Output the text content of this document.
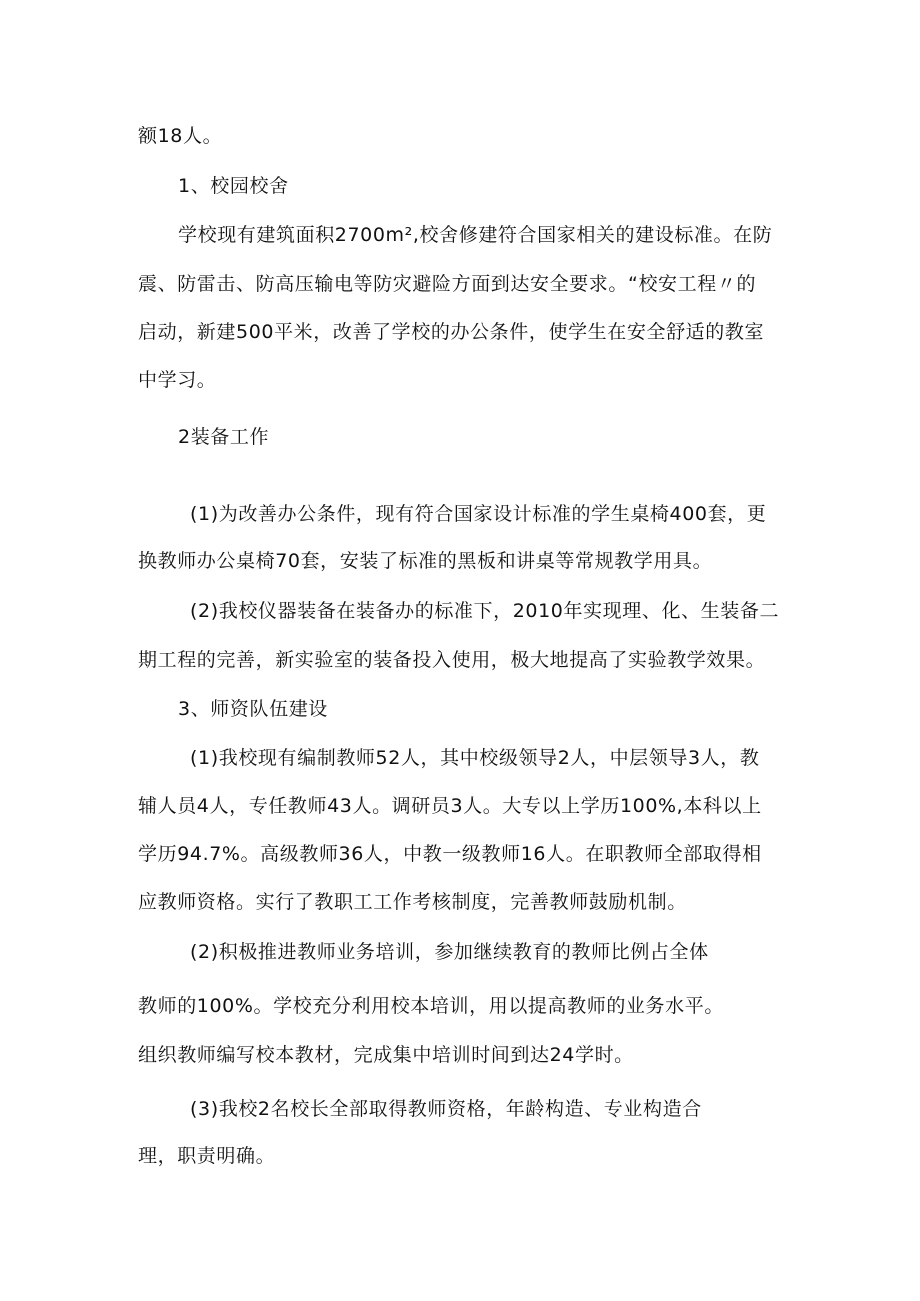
额18人。
1、校园校舍
学校现有建筑面积2700m²,校舍修建符合国家相关的建设标准。在防
震、防雷击、防高压输电等防灾避险方面到达安全要求。“校安工程〃的
启动，新建500平米，改善了学校的办公条件，使学生在安全舒适的教室
中学习。
2装备工作
(1)为改善办公条件，现有符合国家设计标准的学生桌椅400套，更
换教师办公桌椅70套，安装了标准的黑板和讲桌等常规教学用具。
(2)我校仪器装备在装备办的标准下，2010年实现理、化、生装备二
期工程的完善，新实验室的装备投入使用，极大地提高了实验教学效果。
3、师资队伍建设
(1)我校现有编制教师52人，其中校级领导2人，中层领导3人，教
辅人员4人，专任教师43人。调研员3人。大专以上学历100%,本科以上
学历94.7%。高级教师36人，中教一级教师16人。在职教师全部取得相
应教师资格。实行了教职工工作考核制度，完善教师鼓励机制。
(2)积极推进教师业务培训，参加继续教育的教师比例占全体
教师的100%。学校充分利用校本培训，用以提高教师的业务水平。
组织教师编写校本教材，完成集中培训时间到达24学时。
(3)我校2名校长全部取得教师资格，年龄构造、专业构造合
理，职责明确。
